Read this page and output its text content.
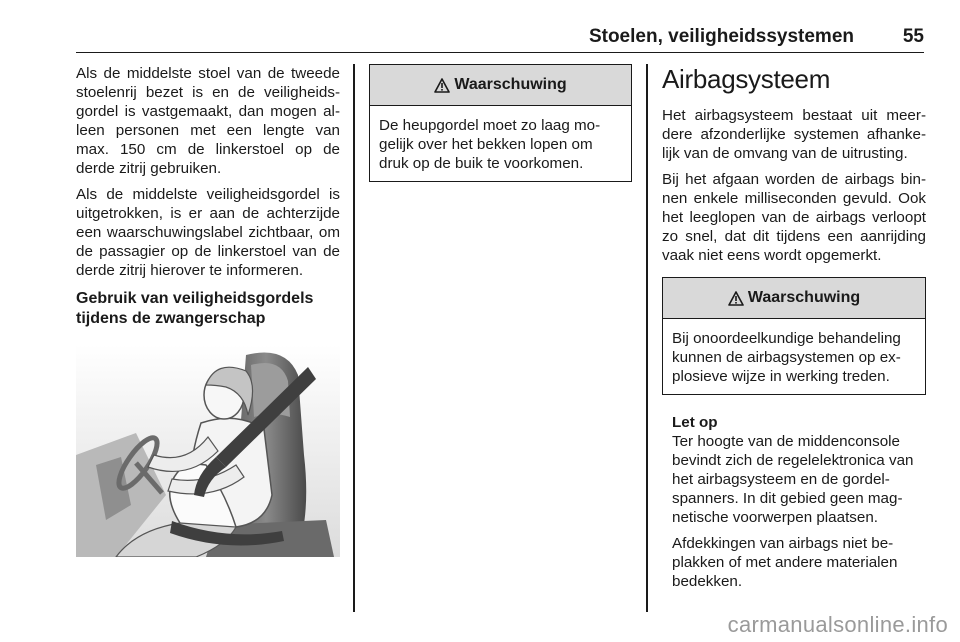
Stoelen, veiligheidssystemen	55

Als de middelste stoel van de tweede stoelenrij bezet is en de veiligheidsgordel is vastgemaakt, dan mogen alleen personen met een lengte van max. 150 cm de linkerstoel op de derde zitrij gebruiken.

Als de middelste veiligheidsgordel is uitgetrokken, is er aan de achterzijde een waarschuwingslabel zichtbaar, om de passagier op de linkerstoel van de derde zitrij hierover te informeren.

Gebruik van veiligheidsgordels tijdens de zwangerschap
Waarschuwing

De heupgordel moet zo laag mogelijk over het bekken lopen om druk op de buik te voorkomen.

Airbagsysteem

Het airbagsysteem bestaat uit meerdere afzonderlijke systemen afhankelijk van de omvang van de uitrusting.

Bij het afgaan worden de airbags binnen enkele milliseconden gevuld. Ook het leeglopen van de airbags verloopt zo snel, dat dit tijdens een aanrijding vaak niet eens wordt opgemerkt.

Waarschuwing

Bij onoordeelkundige behandeling kunnen de airbagsystemen op explosieve wijze in werking treden.

Let op

Ter hoogte van de middenconsole bevindt zich de regelelektronica van het airbagsysteem en de gordelspanners. In dit gebied geen magnetische voorwerpen plaatsen.

Afdekkingen van airbags niet beplakken of met andere materialen bedekken.

carmanualsonline.info
